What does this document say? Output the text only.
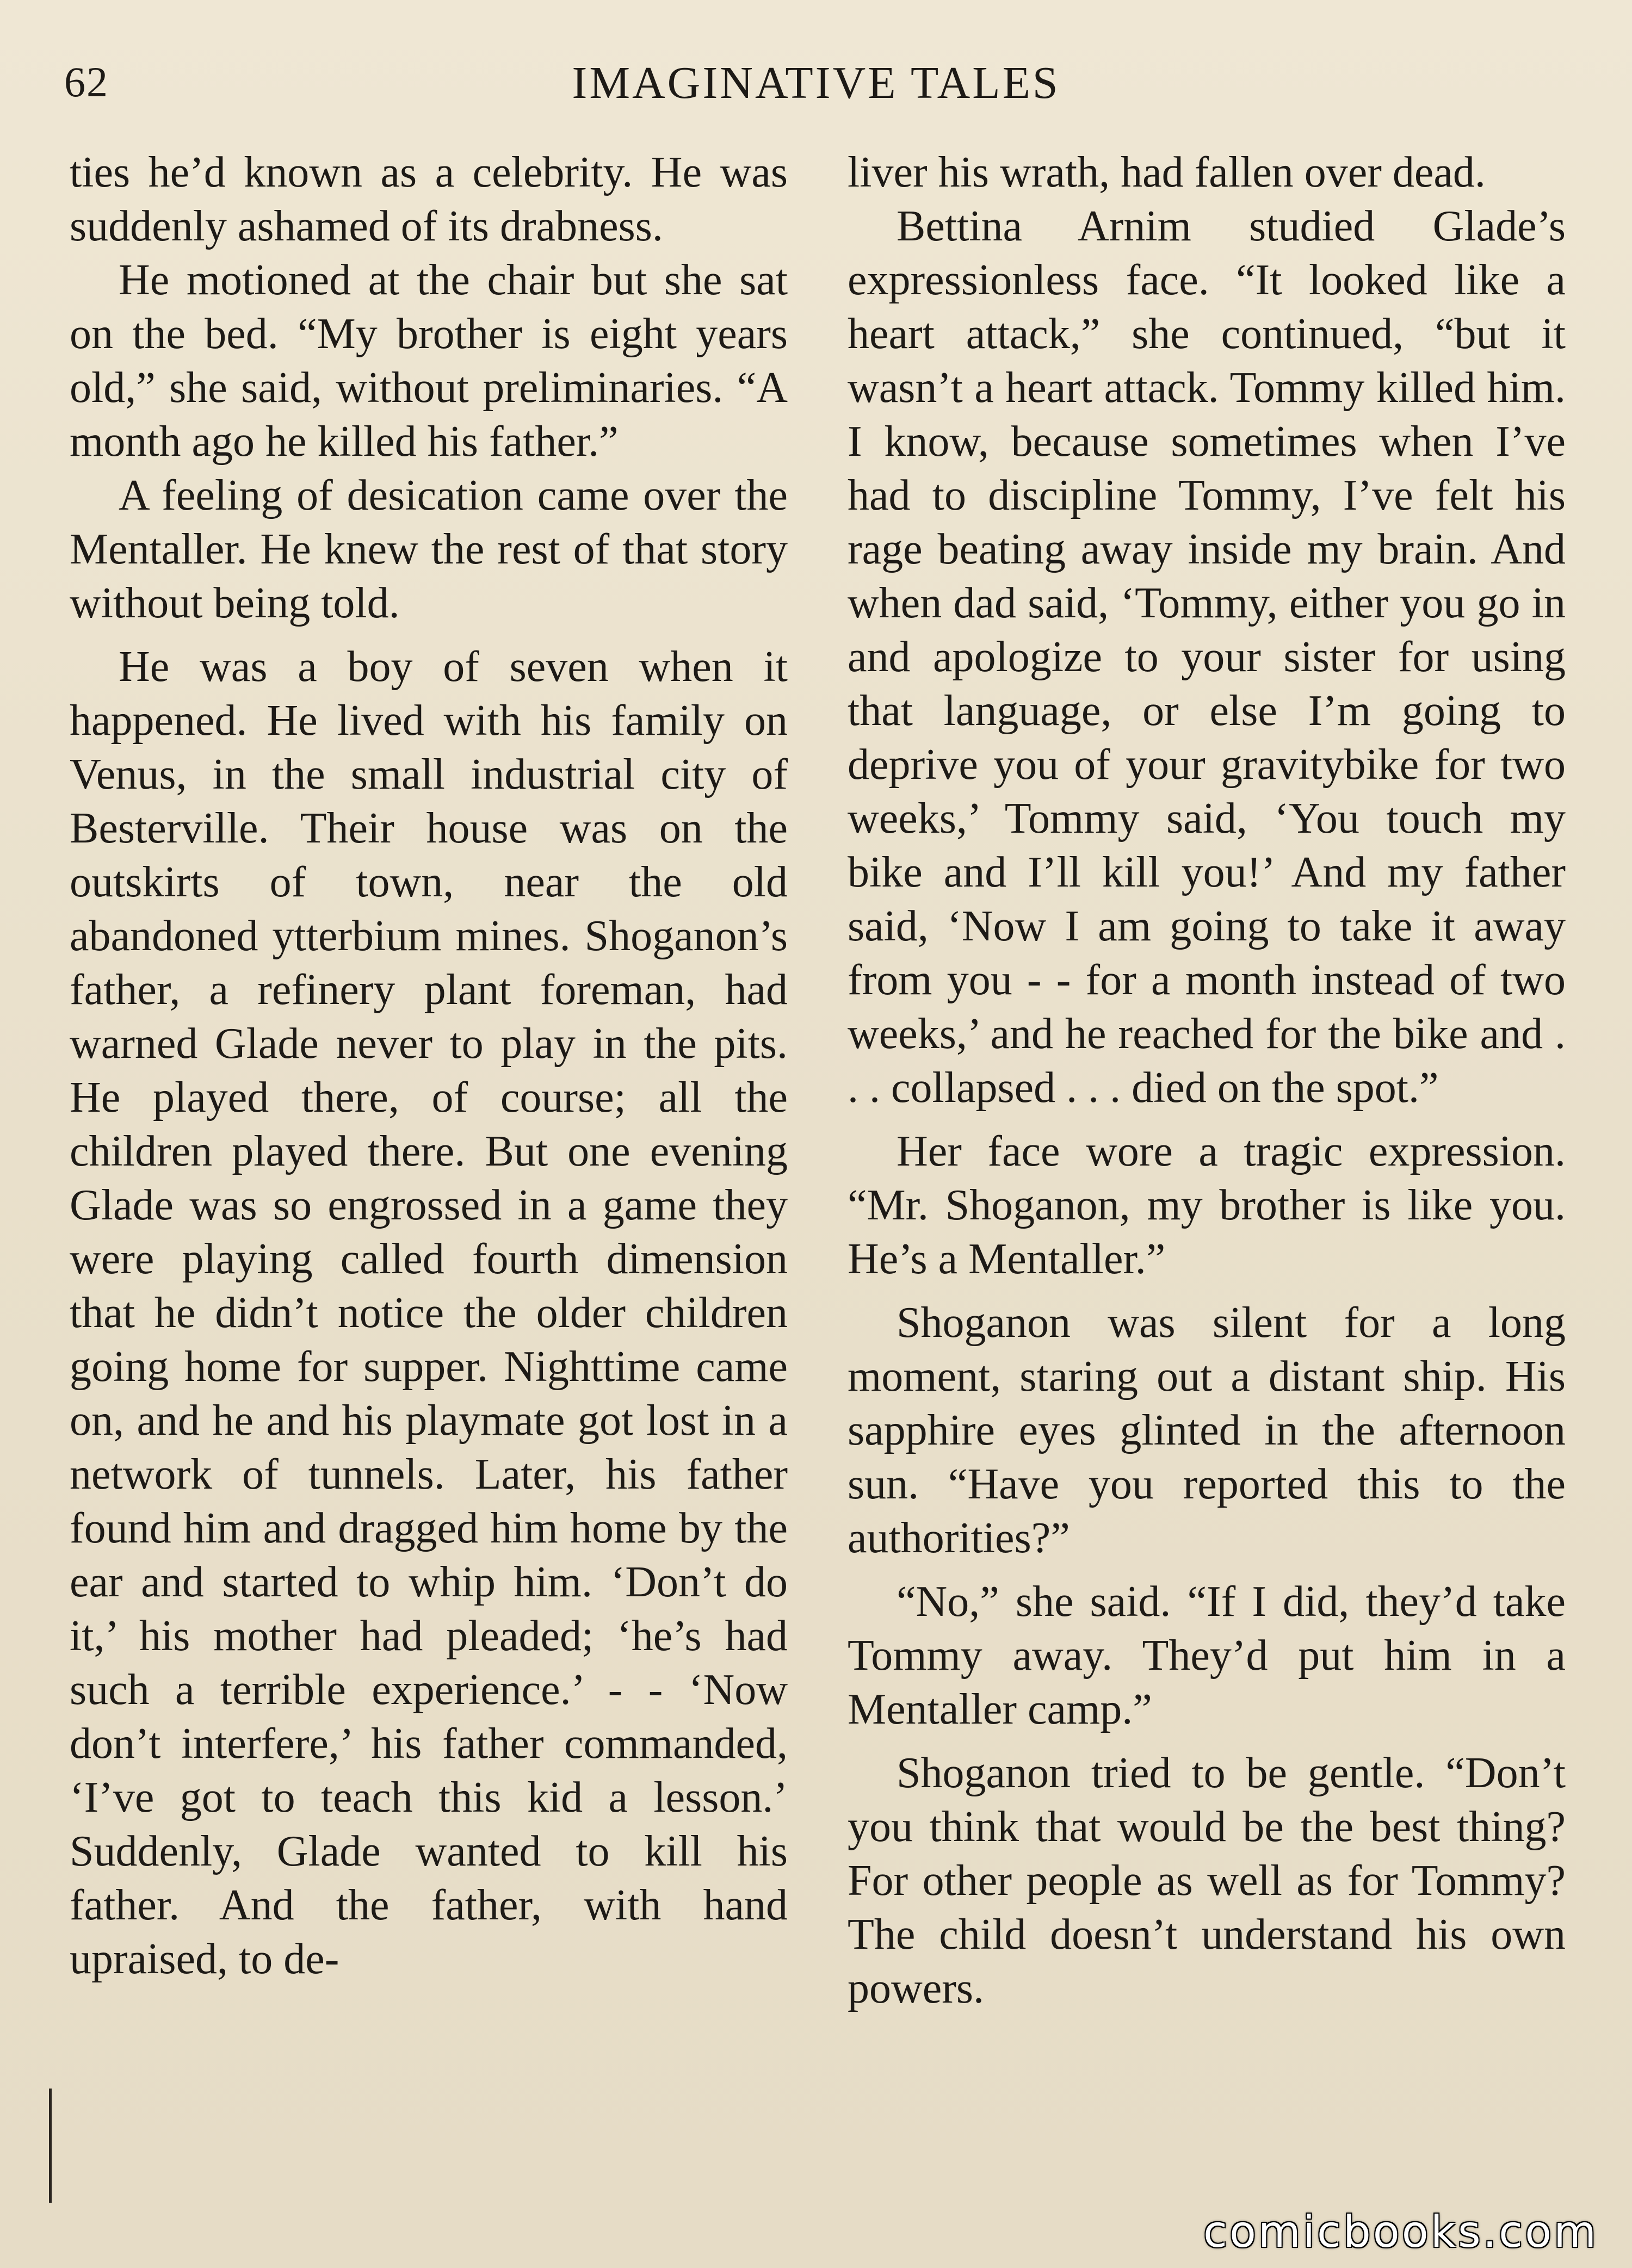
62	IMAGINATIVE TALES

ties he’d known as a celebrity. He was suddenly ashamed of its drabness.

He motioned at the chair but she sat on the bed. “My brother is eight years old,” she said, without preliminaries. “A month ago he killed his father.”

A feeling of desication came over the Mentaller. He knew the rest of that story without being told.

He was a boy of seven when it happened. He lived with his family on Venus, in the small industrial city of Besterville. Their house was on the outskirts of town, near the old abandoned ytterbium mines. Shoganon’s father, a refinery plant foreman, had warned Glade never to play in the pits. He played there, of course; all the children played there. But one evening Glade was so engrossed in a game they were playing called fourth dimension that he didn’t notice the older children going home for supper. Nighttime came on, and he and his playmate got lost in a network of tunnels. Later, his father found him and dragged him home by the ear and started to whip him. ‘Don’t do it,’ his mother had pleaded; ‘he’s had such a terrible experience.’ - - ‘Now don’t interfere,’ his father commanded, ‘I’ve got to teach this kid a lesson.’ Suddenly, Glade wanted to kill his father. And the father, with hand upraised, to de-

liver his wrath, had fallen over dead.

Bettina Arnim studied Glade’s expressionless face. “It looked like a heart attack,” she continued, “but it wasn’t a heart attack. Tommy killed him. I know, because sometimes when I’ve had to discipline Tommy, I’ve felt his rage beating away inside my brain. And when dad said, ‘Tommy, either you go in and apologize to your sister for using that language, or else I’m going to deprive you of your gravitybike for two weeks,’ Tommy said, ‘You touch my bike and I’ll kill you!’ And my father said, ‘Now I am going to take it away from you - - for a month instead of two weeks,’ and he reached for the bike and . . . collapsed . . . died on the spot.”

Her face wore a tragic expression. “Mr. Shoganon, my brother is like you. He’s a Mentaller.”

Shoganon was silent for a long moment, staring out a distant ship. His sapphire eyes glinted in the afternoon sun. “Have you reported this to the authorities?”

“No,” she said. “If I did, they’d take Tommy away. They’d put him in a Mentaller camp.”

Shoganon tried to be gentle. “Don’t you think that would be the best thing? For other people as well as for Tommy? The child doesn’t understand his own powers.

comicbooks.com
